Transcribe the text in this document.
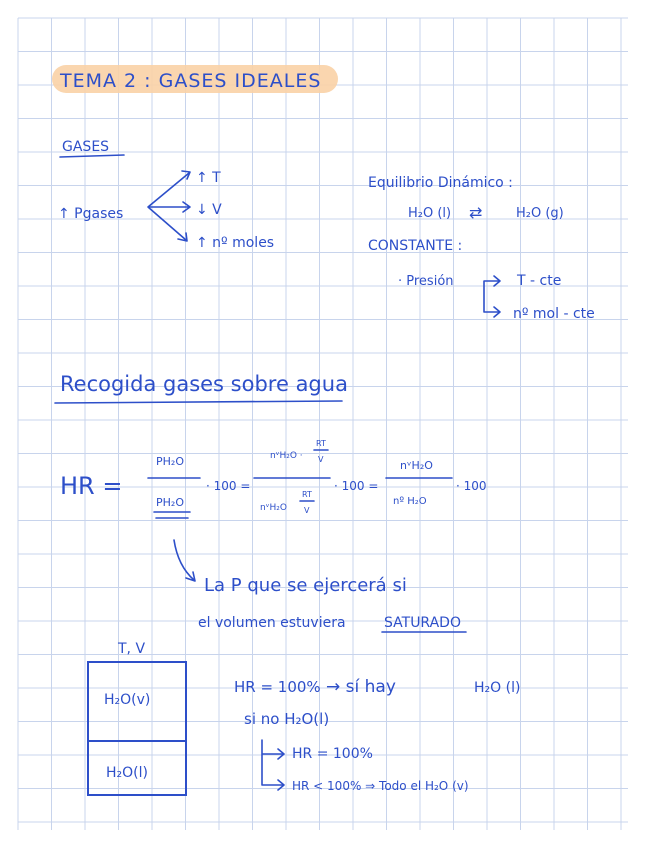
TEMA 2 : GASES IDEALES
GASES
↑ Pgases
↑ T
↓ V
↑ nº moles
Equilibrio Dinámico :
H₂O (l) ⇄	H₂O (g)
CONSTANTE :
· Presión	T - cte
nº mol - cte
Recogida gases sobre agua
HR =
PH₂O
PH₂O
· 100 =
nᵛH₂O ·
RT
V
nᵛH₂O
RT
V
· 100 =
nᵛH₂O
nº H₂O
· 100
La P que se ejercerá si
el volumen estuviera	SATURADO
T, V
H₂O(v)
H₂O(l)
HR = 100% → sí hay	H₂O (l)
si no H₂O(l)
HR = 100%
HR < 100% ⇒ Todo el H₂O (v)
